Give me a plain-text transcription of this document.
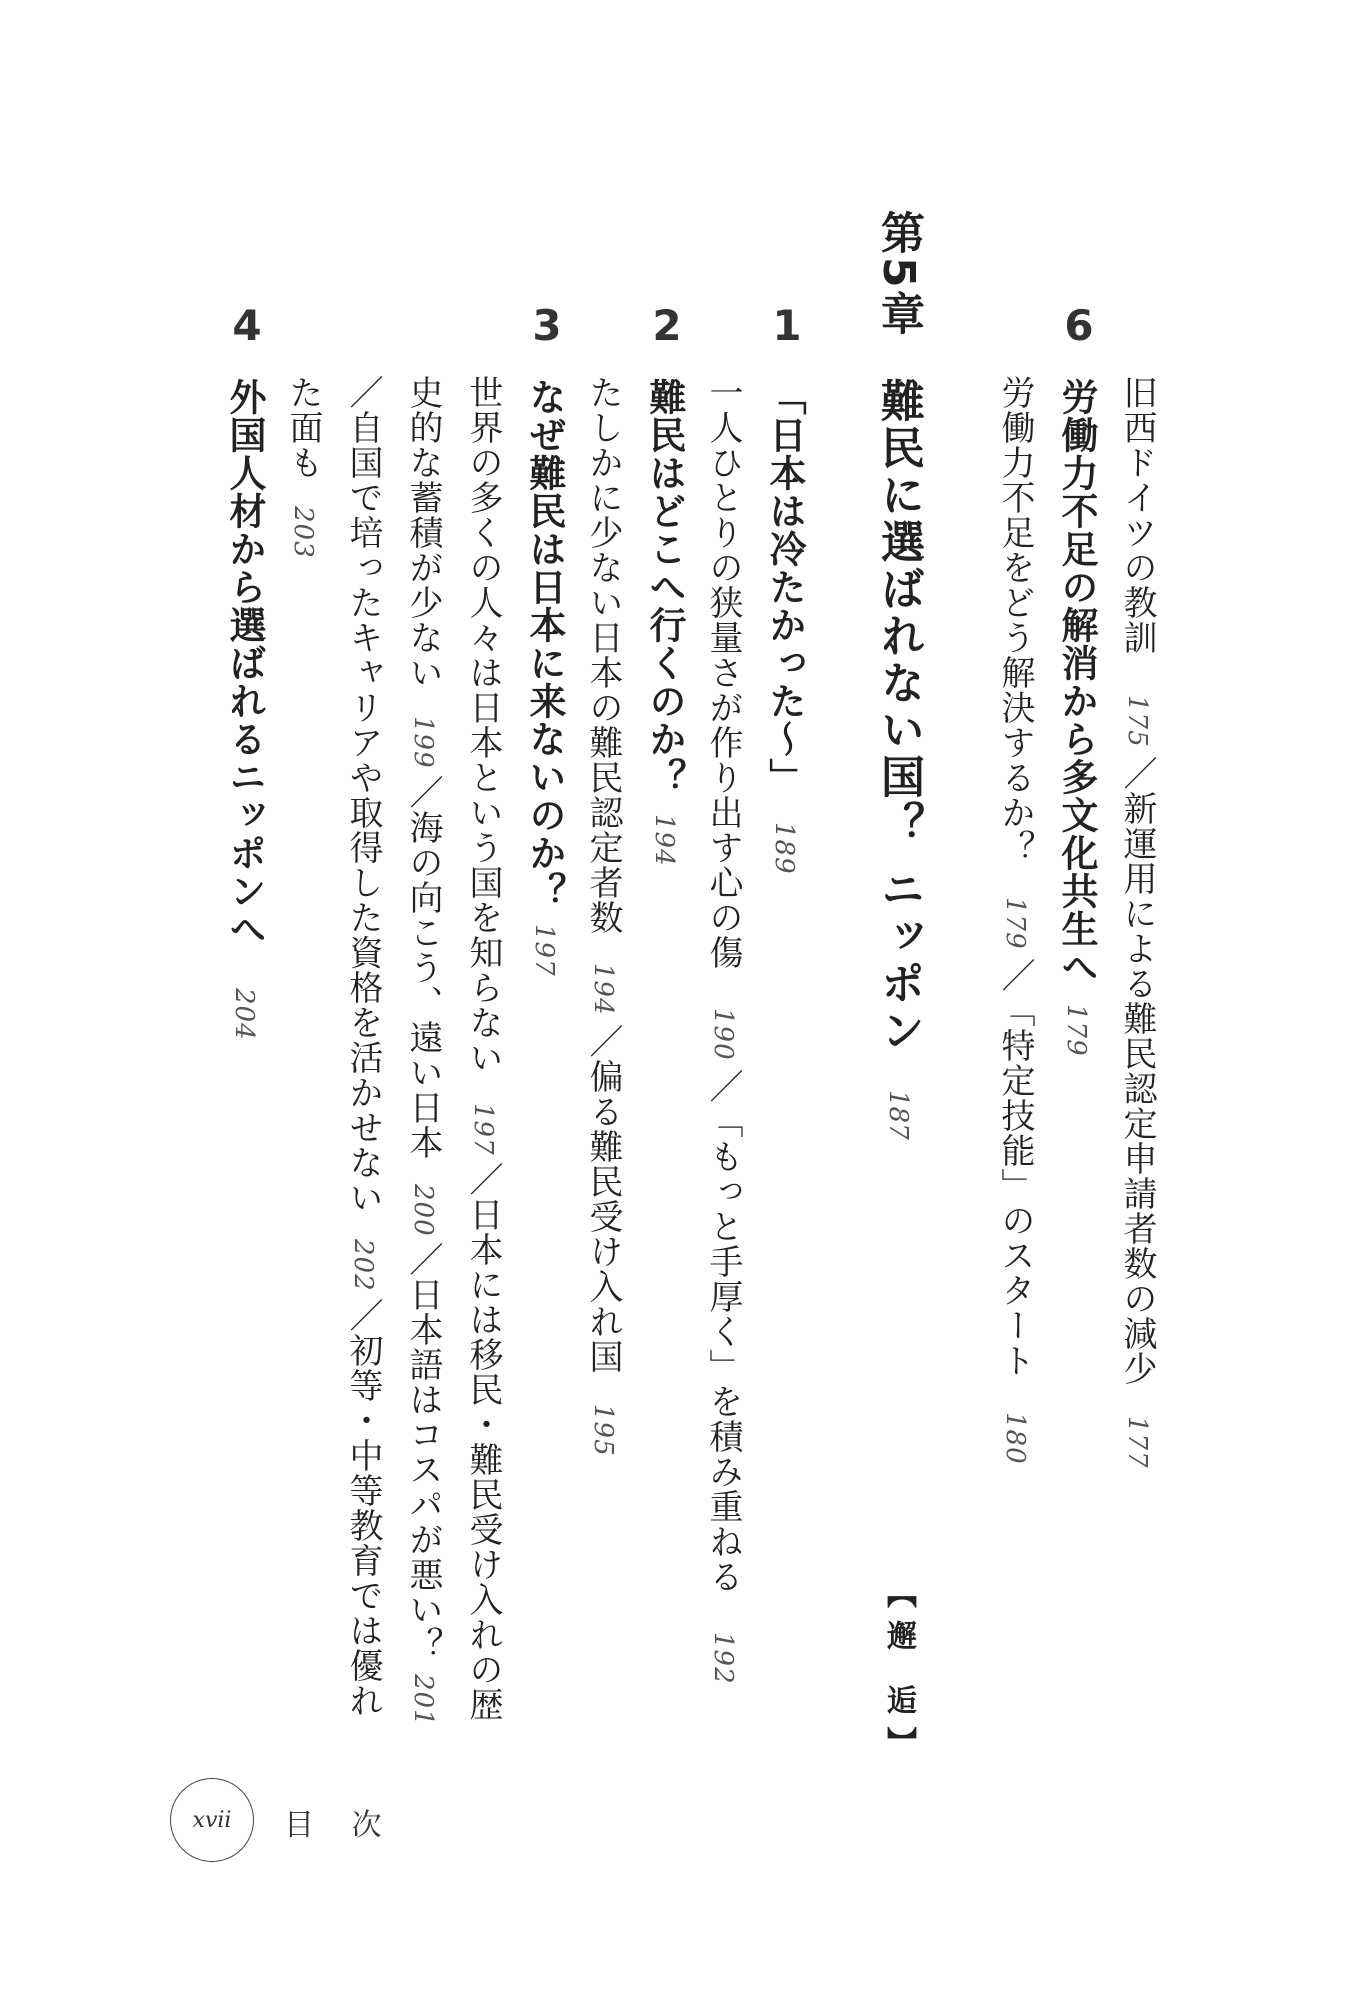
旧西ドイツの教訓175／新運用による難民認定申請者数の減少177
6
労働力不足の解消から多文化共生へ179
労働力不足をどう解決するか？179／「特定技能」のスタート180
第5章
難民に選ばれない国？ ニッポン187
【邂 逅】
1
「日本は冷たかった～」189
一人ひとりの狭量さが作り出す心の傷190／「もっと手厚く」を積み重ねる192
2
難民はどこへ行くのか？194
たしかに少ない日本の難民認定者数194／偏る難民受け入れ国195
3
なぜ難民は日本に来ないのか？197
世界の多くの人々は日本という国を知らない197／日本には移民・難民受け入れの歴
史的な蓄積が少ない199／海の向こう、遠い日本200／日本語はコスパが悪い？201
／自国で培ったキャリアや取得した資格を活かせない202／初等・中等教育では優れ
た面も203
4
外国人材から選ばれるニッポンへ204
xvii 目 次
